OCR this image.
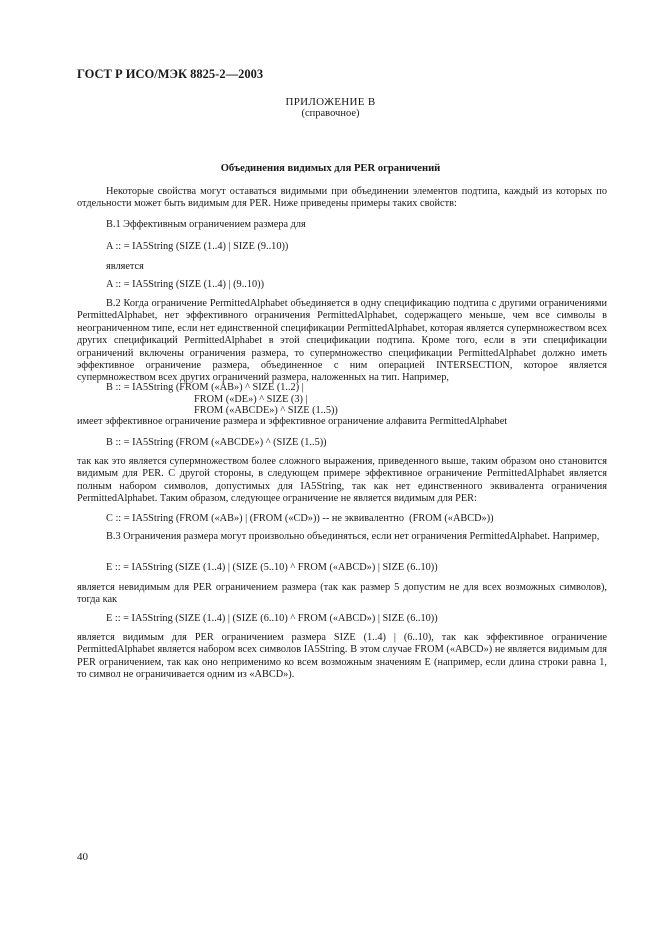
ГОСТ Р ИСО/МЭК 8825-2—2003
ПРИЛОЖЕНИЕ В
(справочное)
Объединения видимых для PER ограничений
Некоторые свойства могут оставаться видимыми при объединении элементов подтипа, каждый из которых по отдельности может быть видимым для PER. Ниже приведены примеры таких свойств:
B.1 Эффективным ограничением размера для
A :: = IA5String (SIZE (1..4) | SIZE (9..10))
является
A :: = IA5String (SIZE (1..4) | (9..10))
B.2 Когда ограничение PermittedAlphabet объединяется в одну спецификацию подтипа с другими ограничениями PermittedAlphabet, нет эффективного ограничения PermittedAlphabet, содержащего меньше, чем все символы в неограниченном типе, если нет единственной спецификации PermittedAlphabet, которая является супермножеством всех других спецификаций PermittedAlphabet в этой спецификации подтипа. Кроме того, если в эти спецификации ограничений включены ограничения размера, то супермножество спецификации PermittedAlphabet должно иметь эффективное ограничение размера, объединенное с ним операцией INTERSECTION, которое является супермножеством всех других ограничений размера, наложенных на тип. Например,
B :: = IA5String (FROM («AB») ^ SIZE (1..2) |
FROM («DE») ^ SIZE (3) |
FROM («ABCDE») ^ SIZE (1..5))
имеет эффективное ограничение размера и эффективное ограничение алфавита PermittedAlphabet
B :: = IA5String (FROM («ABCDE») ^ (SIZE (1..5))
так как это является супермножеством более сложного выражения, приведенного выше, таким образом оно становится видимым для PER. С другой стороны, в следующем примере эффективное ограничение PermittedAlphabet является полным набором символов, допустимых для IA5String, так как нет единственного эквивалента ограничения PermittedAlphabet. Таким образом, следующее ограничение не является видимым для PER:
C :: = IA5String (FROM («AB») | (FROM («CD»)) -- не эквивалентно  (FROM («ABCD»))
B.3 Ограничения размера могут произвольно объединяться, если нет ограничения PermittedAlphabet. Например,
E :: = IA5String (SIZE (1..4) | (SIZE (5..10) ^ FROM («ABCD») | SIZE (6..10))
является невидимым для PER ограничением размера (так как размер 5 допустим не для всех возможных символов), тогда как
E :: = IA5String (SIZE (1..4) | (SIZE (6..10) ^ FROM («ABCD») | SIZE (6..10))
является видимым для PER ограничением размера SIZE (1..4) | (6..10), так как эффективное ограничение PermittedAlphabet является набором всех символов IA5String. В этом случае FROM («ABCD») не является видимым для PER ограничением, так как оно неприменимо ко всем возможным значениям E (например, если длина строки равна 1, то символ не ограничивается одним из «ABCD»).
40
